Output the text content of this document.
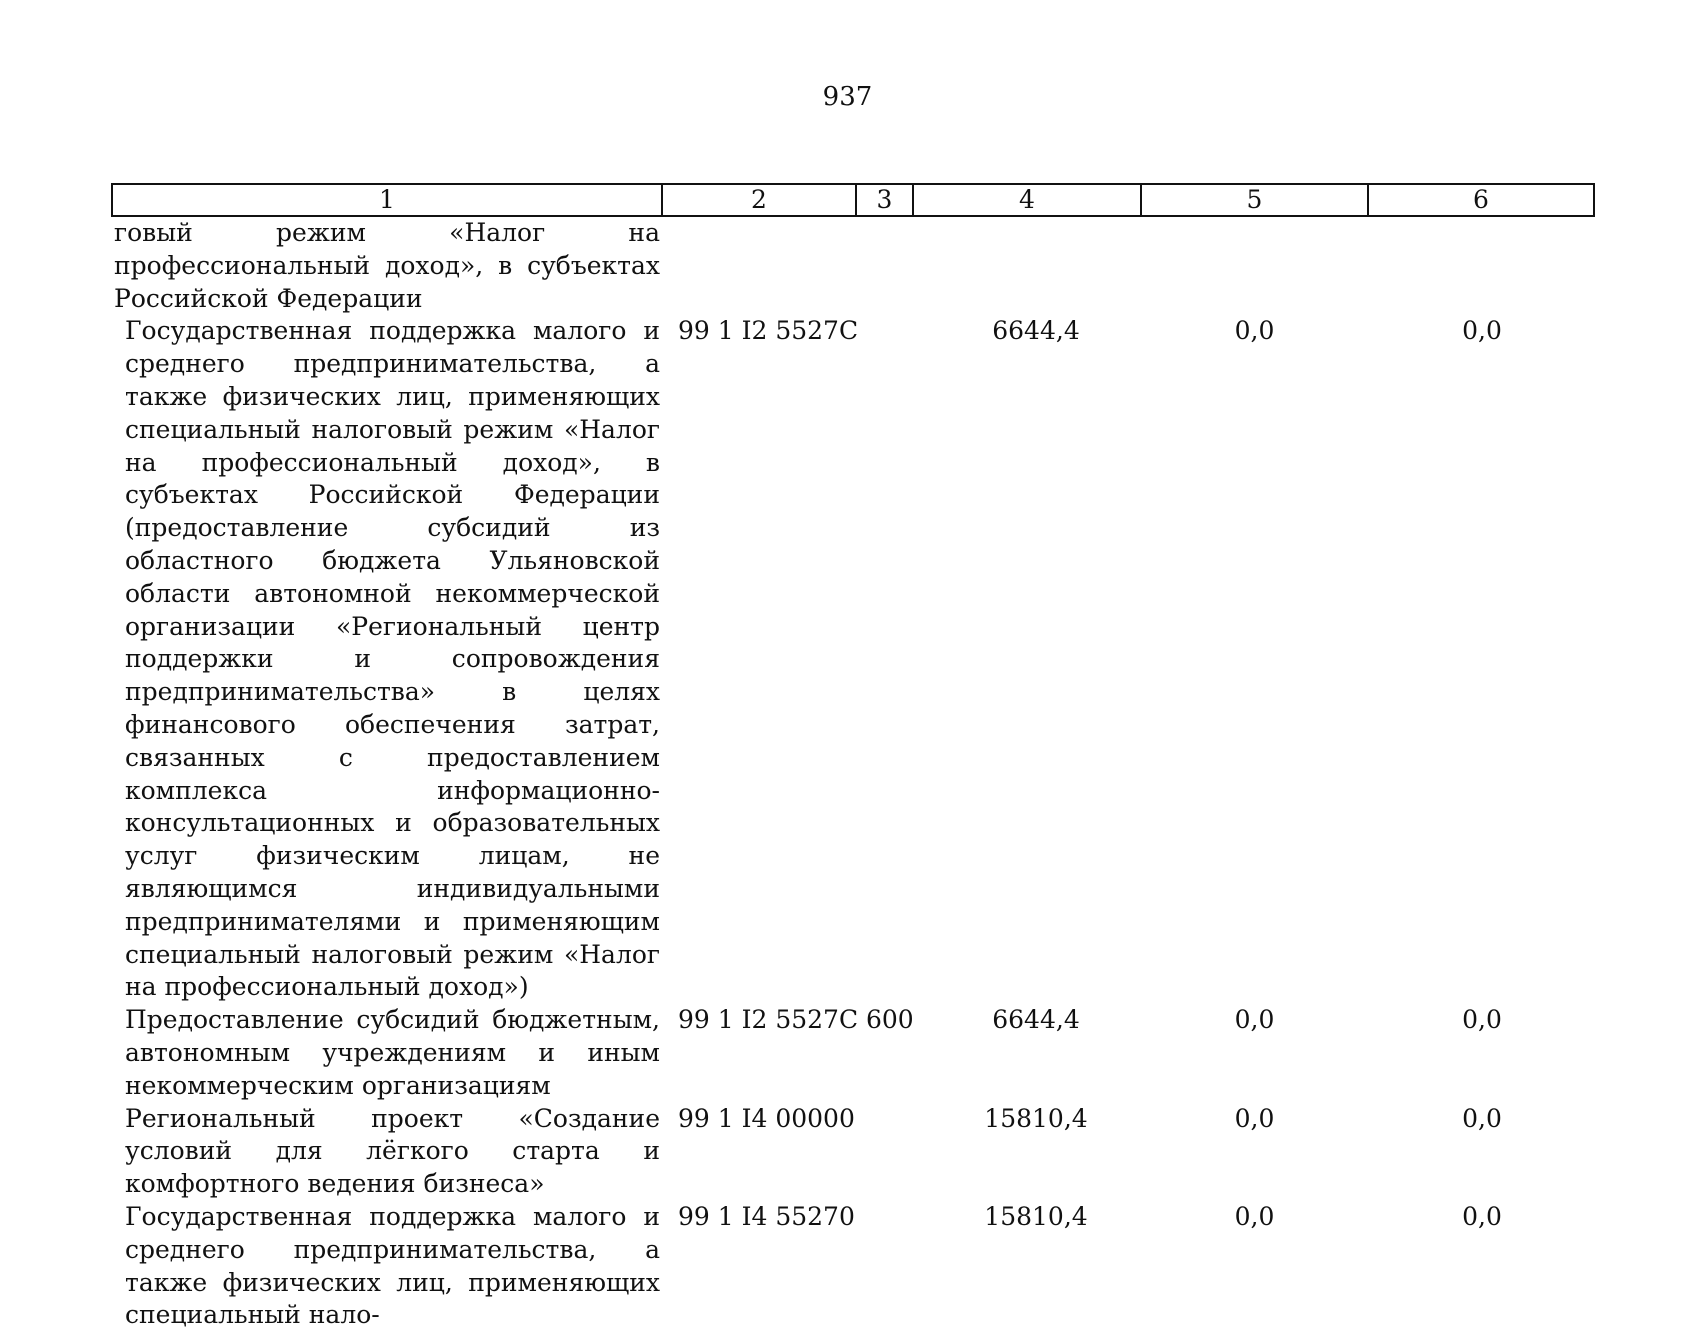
937
1	2	3	4	5	6
говый режим «Налог на профессиональный доход», в субъектах Российской Федерации					
Государственная поддержка малого и среднего предпринимательства, а также физических лиц, применяющих специальный налоговый режим «Налог на профессиональный доход», в субъектах Российской Федерации (предоставление субсидий из областного бюджета Ульяновской области автономной некоммерческой организации «Региональный центр поддержки и сопровождения предпринимательства» в целях финансового обеспечения затрат, связанных с предоставлением комплекса информационно-консультационных и образовательных услуг физическим лицам, не являющимся индивидуальными предпринимателями и применяющим специальный налоговый режим «Налог на профессиональный доход»)	99 1 I2 5527C		6644,4	0,0	0,0
Предоставление субсидий бюджетным, автономным учреждениям и иным некоммерческим организациям	99 1 I2 5527C	600	6644,4	0,0	0,0
Региональный проект «Создание условий для лёгкого старта и комфортного ведения бизнеса»	99 1 I4 00000		15810,4	0,0	0,0
Государственная поддержка малого и среднего предпринимательства, а также физических лиц, применяющих специальный нало-	99 1 I4 55270		15810,4	0,0	0,0
